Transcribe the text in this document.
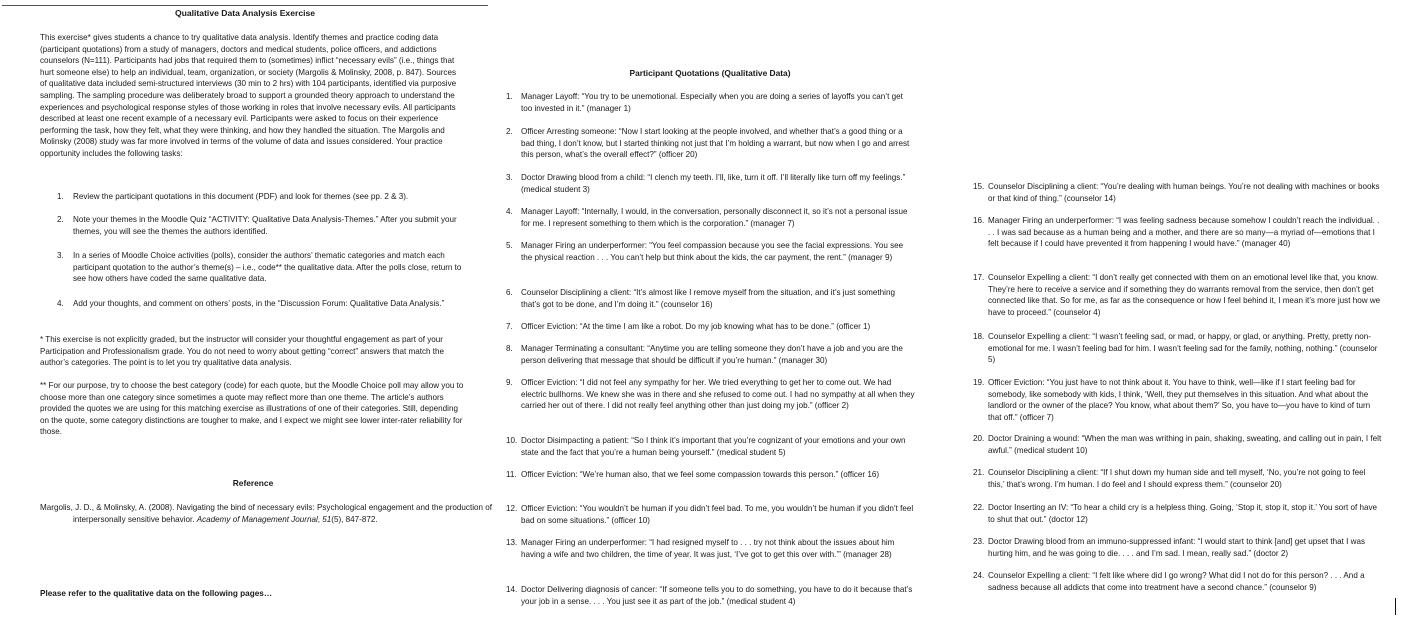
Qualitative Data Analysis Exercise

This exercise* gives students a chance to try qualitative data analysis. Identify themes and practice coding data (participant quotations) from a study of managers, doctors and medical students, police officers, and addictions counselors (N=111). Participants had jobs that required them to (sometimes) inflict “necessary evils” (i.e., things that hurt someone else) to help an individual, team, organization, or society (Margolis & Molinsky, 2008, p. 847). Sources of qualitative data included semi-structured interviews (30 min to 2 hrs) with 104 participants, identified via purposive sampling. The sampling procedure was deliberately broad to support a grounded theory approach to understand the experiences and psychological response styles of those working in roles that involve necessary evils. All participants described at least one recent example of a necessary evil. Participants were asked to focus on their experience performing the task, how they felt, what they were thinking, and how they handled the situation. The Margolis and Molinsky (2008) study was far more involved in terms of the volume of data and issues considered. Your practice opportunity includes the following tasks:

1. Review the participant quotations in this document (PDF) and look for themes (see pp. 2 & 3).
2. Note your themes in the Moodle Quiz “ACTIVITY: Qualitative Data Analysis-Themes.” After you submit your themes, you will see the themes the authors identified.
3. In a series of Moodle Choice activities (polls), consider the authors’ thematic categories and match each participant quotation to the author’s theme(s) – i.e., code** the qualitative data. After the polls close, return to see how others have coded the same qualitative data.
4. Add your thoughts, and comment on others’ posts, in the “Discussion Forum: Qualitative Data Analysis.”

* This exercise is not explicitly graded, but the instructor will consider your thoughtful engagement as part of your Participation and Professionalism grade. You do not need to worry about getting “correct” answers that match the author’s categories. The point is to let you try qualitative data analysis.

** For our purpose, try to choose the best category (code) for each quote, but the Moodle Choice poll may allow you to choose more than one category since sometimes a quote may reflect more than one theme. The article’s authors provided the quotes we are using for this matching exercise as illustrations of one of their categories. Still, depending on the quote, some category distinctions are tougher to make, and I expect we might see lower inter-rater reliability for those.

Reference

Margolis, J. D., & Molinsky, A. (2008). Navigating the bind of necessary evils: Psychological engagement and the production of interpersonally sensitive behavior. Academy of Management Journal, 51(5), 847-872.

Please refer to the qualitative data on the following pages…
Participant Quotations (Qualitative Data)
1. Manager Layoff: “You try to be unemotional. Especially when you are doing a series of layoffs you can’t get too invested in it.” (manager 1)
2. Officer Arresting someone: “Now I start looking at the people involved, and whether that’s a good thing or a bad thing, I don’t know, but I started thinking not just that I’m holding a warrant, but now when I go and arrest this person, what’s the overall effect?” (officer 20)
3. Doctor Drawing blood from a child: “I clench my teeth. I’ll, like, turn it off. I’ll literally like turn off my feelings.” (medical student 3)
4. Manager Layoff: “Internally, I would, in the conversation, personally disconnect it, so it’s not a personal issue for me. I represent something to them which is the corporation.” (manager 7)
5. Manager Firing an underperformer: “You feel compassion because you see the facial expressions. You see the physical reaction . . . You can’t help but think about the kids, the car payment, the rent.” (manager 9)
6. Counselor Disciplining a client: “It’s almost like I remove myself from the situation, and it’s just something that’s got to be done, and I’m doing it.” (counselor 16)
7. Officer Eviction: “At the time I am like a robot. Do my job knowing what has to be done.” (officer 1)
8. Manager Terminating a consultant: “Anytime you are telling someone they don’t have a job and you are the person delivering that message that should be difficult if you’re human.” (manager 30)
9. Officer Eviction: “I did not feel any sympathy for her. We tried everything to get her to come out. We had electric bullhorns. We knew she was in there and she refused to come out. I had no sympathy at all when they carried her out of there. I did not really feel anything other than just doing my job.” (officer 2)
10. Doctor Disimpacting a patient: “So I think it’s important that you’re cognizant of your emotions and your own state and the fact that you’re a human being yourself.” (medical student 5)
11. Officer Eviction: “We’re human also, that we feel some compassion towards this person.” (officer 16)
12. Officer Eviction: “You wouldn’t be human if you didn’t feel bad. To me, you wouldn’t be human if you didn’t feel bad on some situations.” (officer 10)
13. Manager Firing an underperformer: “I had resigned myself to . . . try not think about the issues about him having a wife and two children, the time of year. It was just, ‘I’ve got to get this over with.’” (manager 28)
14. Doctor Delivering diagnosis of cancer: “If someone tells you to do something, you have to do it because that’s your job in a sense. . . . You just see it as part of the job.” (medical student 4)
15. Counselor Disciplining a client: “You’re dealing with human beings. You’re not dealing with machines or books or that kind of thing.” (counselor 14)
16. Manager Firing an underperformer: “I was feeling sadness because somehow I couldn’t reach the individual. . . . I was sad because as a human being and a mother, and there are so many—a myriad of—emotions that I felt because if I could have prevented it from happening I would have.” (manager 40)
17. Counselor Expelling a client: “I don’t really get connected with them on an emotional level like that, you know. They’re here to receive a service and if something they do warrants removal from the service, then don’t get connected like that. So for me, as far as the consequence or how I feel behind it, I mean it’s more just how we have to proceed.” (counselor 4)
18. Counselor Expelling a client: “I wasn’t feeling sad, or mad, or happy, or glad, or anything. Pretty, pretty non-emotional for me. I wasn’t feeling bad for him. I wasn’t feeling sad for the family, nothing, nothing.” (counselor 5)
19. Officer Eviction: “You just have to not think about it. You have to think, well—like if I start feeling bad for somebody, like somebody with kids, I think, ‘Well, they put themselves in this situation. And what about the landlord or the owner of the place? You know, what about them?’ So, you have to—you have to kind of turn that off.” (officer 7)
20. Doctor Draining a wound: “When the man was writhing in pain, shaking, sweating, and calling out in pain, I felt awful.” (medical student 10)
21. Counselor Disciplining a client: “If I shut down my human side and tell myself, ‘No, you’re not going to feel this,’ that’s wrong. I’m human. I do feel and I should express them.” (counselor 20)
22. Doctor Inserting an IV: “To hear a child cry is a helpless thing. Going, ‘Stop it, stop it, stop it.’ You sort of have to shut that out.” (doctor 12)
23. Doctor Drawing blood from an immuno-suppressed infant: “I would start to think [and] get upset that I was hurting him, and he was going to die. . . . and I’m sad. I mean, really sad.” (doctor 2)
24. Counselor Expelling a client: “I felt like where did I go wrong? What did I not do for this person? . . . And a sadness because all addicts that come into treatment have a second chance.” (counselor 9)
